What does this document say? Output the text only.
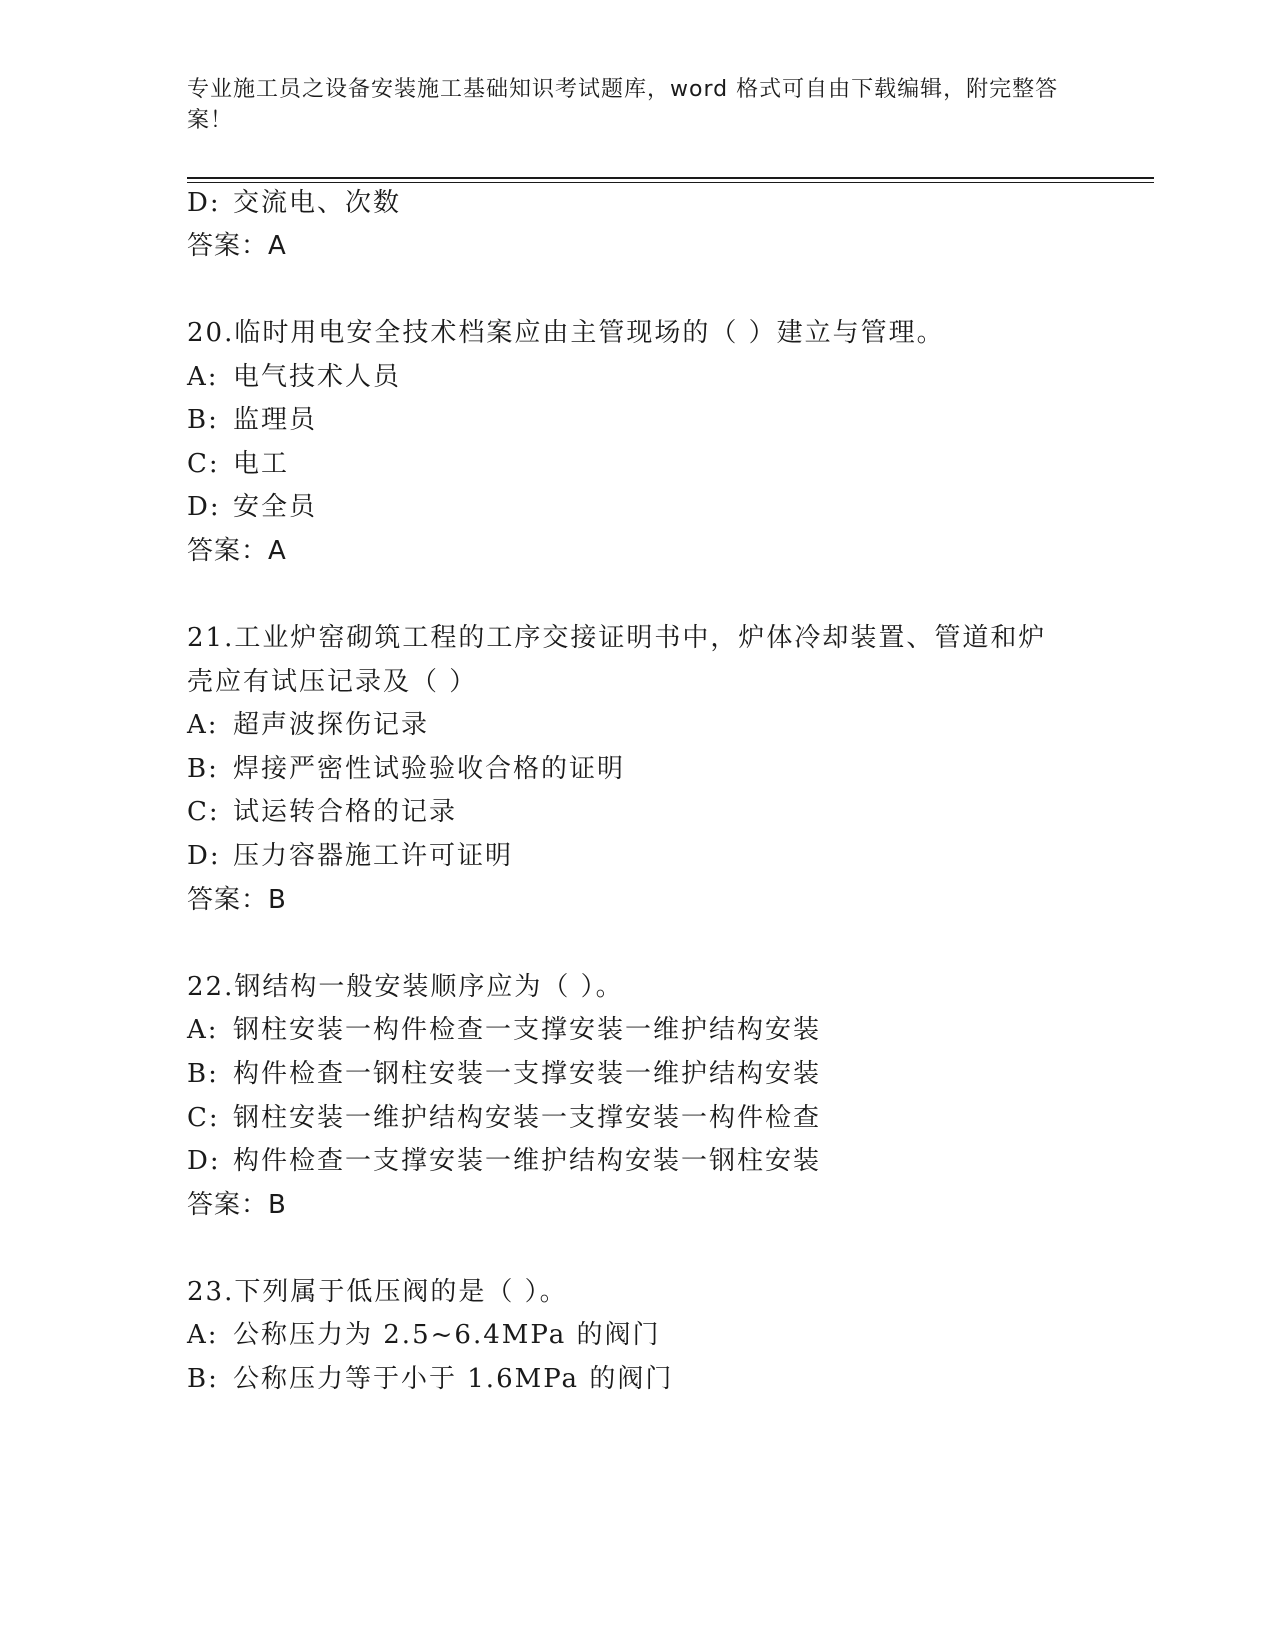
专业施工员之设备安装施工基础知识考试题库，word 格式可自由下载编辑，附完整答案！
D: 交流电、次数
答案：A
20.临时用电安全技术档案应由主管现场的（ ）建立与管理。
A: 电气技术人员
B: 监理员
C: 电工
D: 安全员
答案：A
21.工业炉窑砌筑工程的工序交接证明书中，炉体冷却装置、管道和炉
壳应有试压记录及（ ）
A: 超声波探伤记录
B: 焊接严密性试验验收合格的证明
C: 试运转合格的记录
D: 压力容器施工许可证明
答案：B
22.钢结构一般安装顺序应为（ ）。
A: 钢柱安装一构件检查一支撑安装一维护结构安装
B: 构件检查一钢柱安装一支撑安装一维护结构安装
C: 钢柱安装一维护结构安装一支撑安装一构件检查
D: 构件检查一支撑安装一维护结构安装一钢柱安装
答案：B
23.下列属于低压阀的是（ ）。
A: 公称压力为 2.5~6.4MPa 的阀门
B: 公称压力等于小于 1.6MPa 的阀门
